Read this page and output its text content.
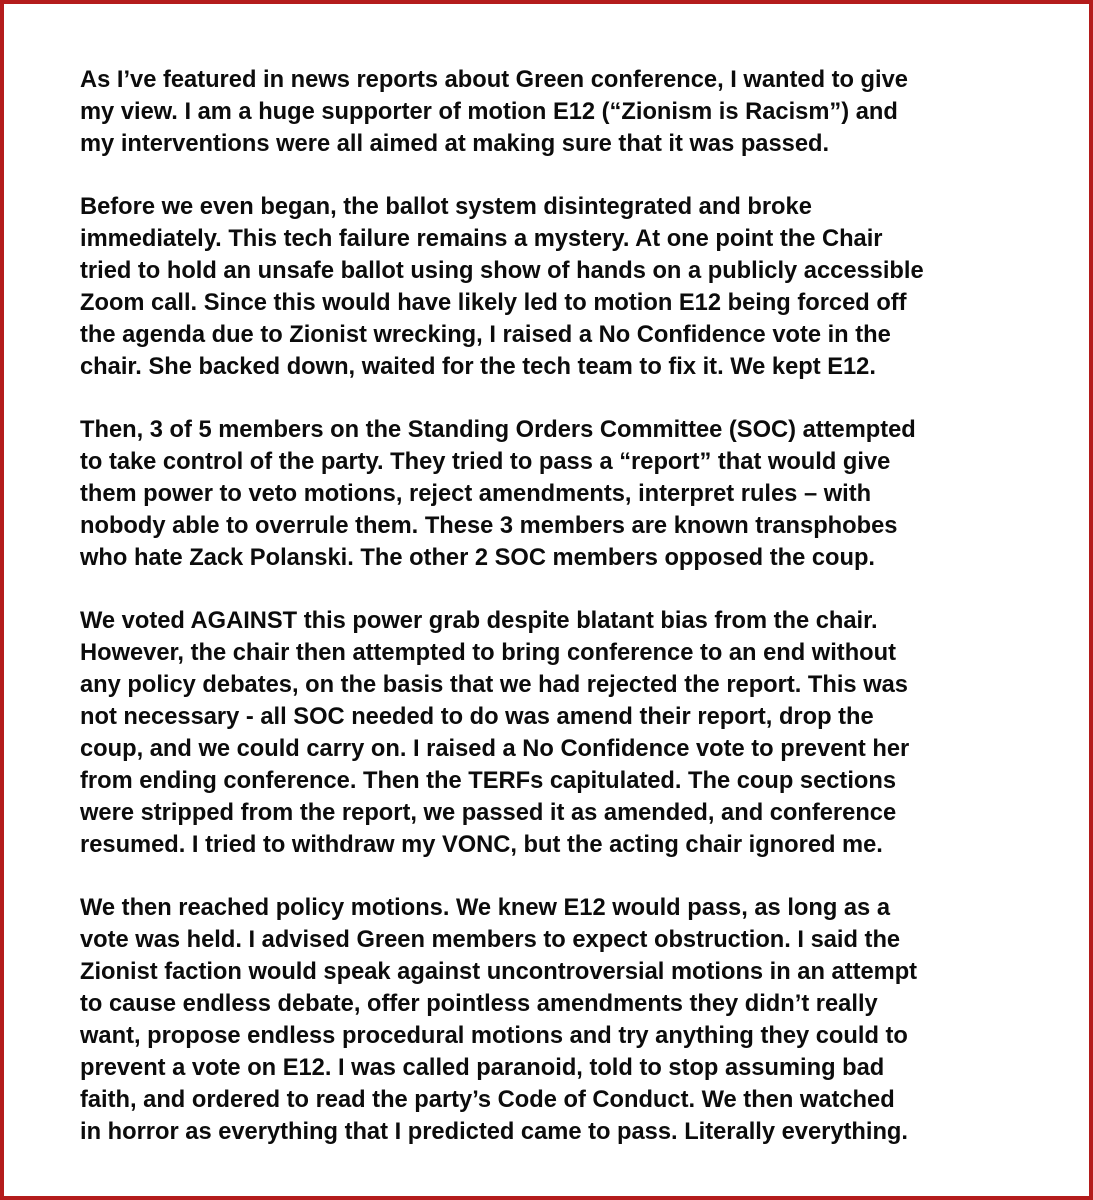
As I’ve featured in news reports about Green conference, I wanted to give
my view. I am a huge supporter of motion E12 (“Zionism is Racism”) and
my interventions were all aimed at making sure that it was passed.

Before we even began, the ballot system disintegrated and broke
immediately. This tech failure remains a mystery. At one point the Chair
tried to hold an unsafe ballot using show of hands on a publicly accessible
Zoom call. Since this would have likely led to motion E12 being forced off
the agenda due to Zionist wrecking, I raised a No Confidence vote in the
chair. She backed down, waited for the tech team to fix it. We kept E12.

Then, 3 of 5 members on the Standing Orders Committee (SOC) attempted
to take control of the party. They tried to pass a “report” that would give
them power to veto motions, reject amendments, interpret rules – with
nobody able to overrule them. These 3 members are known transphobes
who hate Zack Polanski. The other 2 SOC members opposed the coup.

We voted AGAINST this power grab despite blatant bias from the chair.
However, the chair then attempted to bring conference to an end without
any policy debates, on the basis that we had rejected the report. This was
not necessary - all SOC needed to do was amend their report, drop the
coup, and we could carry on. I raised a No Confidence vote to prevent her
from ending conference. Then the TERFs capitulated. The coup sections
were stripped from the report, we passed it as amended, and conference
resumed. I tried to withdraw my VONC, but the acting chair ignored me.

We then reached policy motions. We knew E12 would pass, as long as a
vote was held. I advised Green members to expect obstruction. I said the
Zionist faction would speak against uncontroversial motions in an attempt
to cause endless debate, offer pointless amendments they didn’t really
want, propose endless procedural motions and try anything they could to
prevent a vote on E12. I was called paranoid, told to stop assuming bad
faith, and ordered to read the party’s Code of Conduct. We then watched
in horror as everything that I predicted came to pass. Literally everything.
